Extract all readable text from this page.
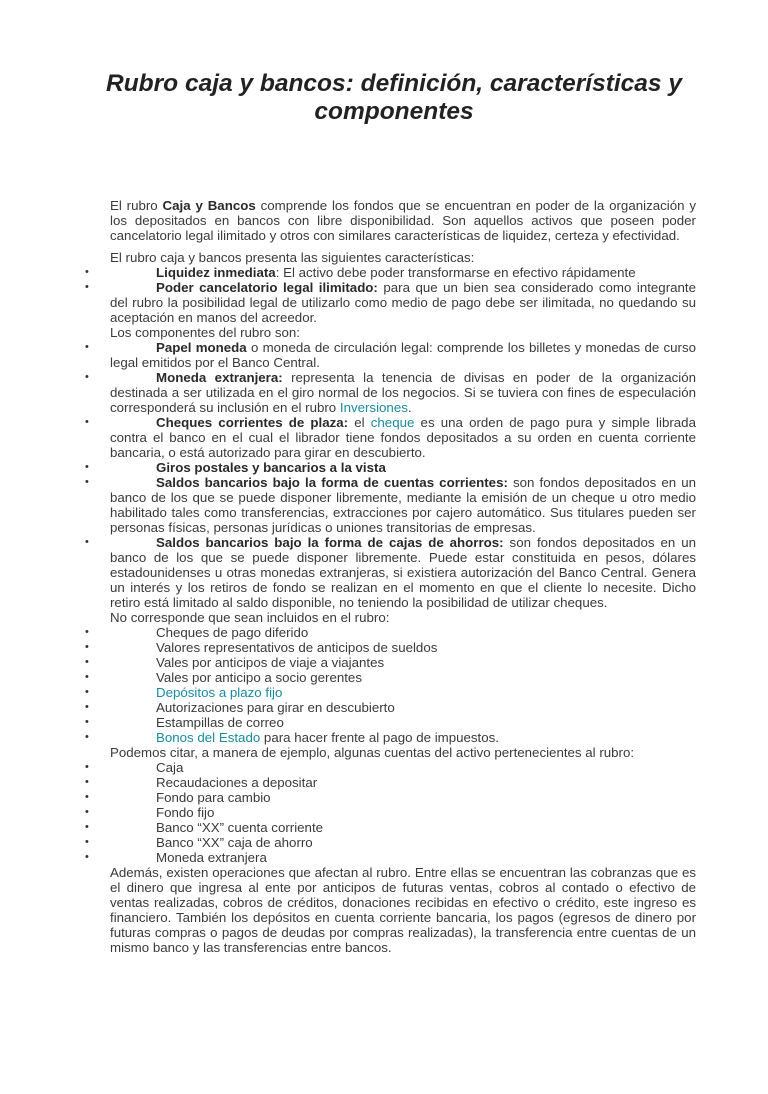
Rubro caja y bancos: definición, características y componentes

El rubro Caja y Bancos comprende los fondos que se encuentran en poder de la organización y los depositados en bancos con libre disponibilidad. Son aquellos activos que poseen poder cancelatorio legal ilimitado y otros con similares características de liquidez, certeza y efectividad.

El rubro caja y bancos presenta las siguientes características:

•	Liquidez inmediata: El activo debe poder transformarse en efectivo rápidamente
•	Poder cancelatorio legal ilimitado: para que un bien sea considerado como integrante del rubro la posibilidad legal de utilizarlo como medio de pago debe ser ilimitada, no quedando su aceptación en manos del acreedor.

Los componentes del rubro son:

•	Papel moneda o moneda de circulación legal: comprende los billetes y monedas de curso legal emitidos por el Banco Central.
•	Moneda extranjera: representa la tenencia de divisas en poder de la organización destinada a ser utilizada en el giro normal de los negocios. Si se tuviera con fines de especulación corresponderá su inclusión en el rubro Inversiones.
•	Cheques corrientes de plaza: el cheque es una orden de pago pura y simple librada contra el banco en el cual el librador tiene fondos depositados a su orden en cuenta corriente bancaria, o está autorizado para girar en descubierto.
•	Giros postales y bancarios a la vista
•	Saldos bancarios bajo la forma de cuentas corrientes: son fondos depositados en un banco de los que se puede disponer libremente, mediante la emisión de un cheque u otro medio habilitado tales como transferencias, extracciones por cajero automático. Sus titulares pueden ser personas físicas, personas jurídicas o uniones transitorias de empresas.
•	Saldos bancarios bajo la forma de cajas de ahorros: son fondos depositados en un banco de los que se puede disponer libremente. Puede estar constituida en pesos, dólares estadounidenses u otras monedas extranjeras, si existiera autorización del Banco Central. Genera un interés y los retiros de fondo se realizan en el momento en que el cliente lo necesite. Dicho retiro está limitado al saldo disponible, no teniendo la posibilidad de utilizar cheques.

No corresponde que sean incluidos en el rubro:

•	Cheques de pago diferido
•	Valores representativos de anticipos de sueldos
•	Vales por anticipos de viaje a viajantes
•	Vales por anticipo a socio gerentes
•	Depósitos a plazo fijo
•	Autorizaciones para girar en descubierto
•	Estampillas de correo
•	Bonos del Estado para hacer frente al pago de impuestos.

Podemos citar, a manera de ejemplo, algunas cuentas del activo pertenecientes al rubro:

•	Caja
•	Recaudaciones a depositar
•	Fondo para cambio
•	Fondo fijo
•	Banco “XX” cuenta corriente
•	Banco “XX” caja de ahorro
•	Moneda extranjera

Además, existen operaciones que afectan al rubro. Entre ellas se encuentran las cobranzas que es el dinero que ingresa al ente por anticipos de futuras ventas, cobros al contado o efectivo de ventas realizadas, cobros de créditos, donaciones recibidas en efectivo o crédito, este ingreso es financiero. También los depósitos en cuenta corriente bancaria, los pagos (egresos de dinero por futuras compras o pagos de deudas por compras realizadas), la transferencia entre cuentas de un mismo banco y las transferencias entre bancos.
